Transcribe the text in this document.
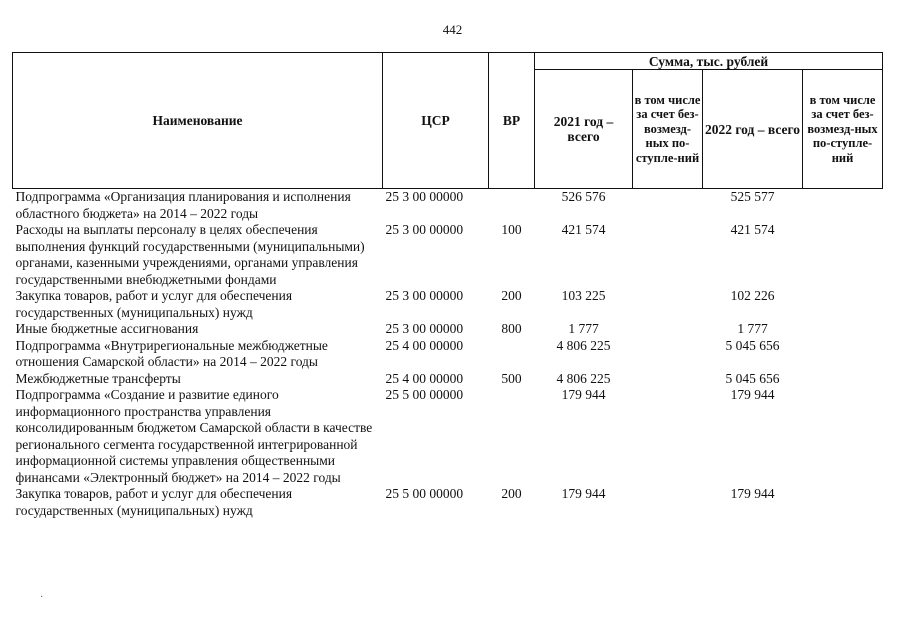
442
Наименование	ЦСР	ВР	Сумма, тыс. рублей			
			2021 год – всего	в том числе за счет без-возмезд-ных по-ступле-ний	2022 год – всего	в том числе за счет без-возмезд-ных по-ступле-ний
Подпрограмма «Организация планирования и исполнения областного бюджета» на 2014 – 2022 годы	25 3 00 00000		526 576		525 577	
Расходы на выплаты персоналу в целях обеспечения выполнения функций государственными (муниципальными) органами, казенными учреждениями, органами управления государственными внебюджетными фондами	25 3 00 00000	100	421 574		421 574	
Закупка товаров, работ и услуг для обеспечения государственных (муниципальных) нужд	25 3 00 00000	200	103 225		102 226	
Иные бюджетные ассигнования	25 3 00 00000	800	1 777		1 777	
Подпрограмма «Внутрирегиональные межбюджетные отношения Самарской области» на 2014 – 2022 годы	25 4 00 00000		4 806 225		5 045 656	
Межбюджетные трансферты	25 4 00 00000	500	4 806 225		5 045 656	
Подпрограмма «Создание и развитие единого информационного пространства управления консолидированным бюджетом Самарской области в качестве регионального сегмента государственной интегрированной информационной системы управления общественными финансами «Электронный бюджет» на 2014 – 2022 годы	25 5 00 00000		179 944		179 944	
Закупка товаров, работ и услуг для обеспечения государственных (муниципальных) нужд	25 5 00 00000	200	179 944		179 944	
·
